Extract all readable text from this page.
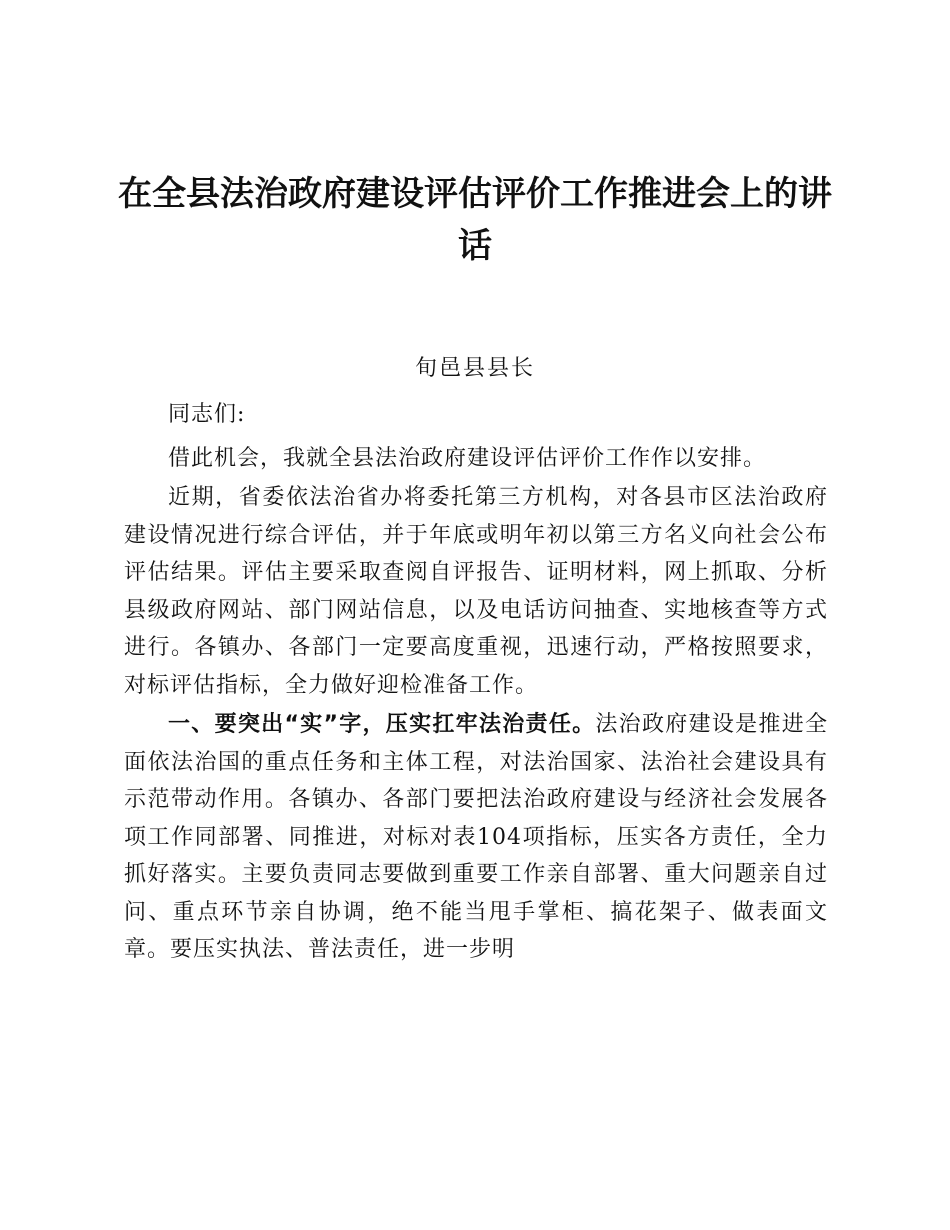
在全县法治政府建设评估评价工作推进会上的讲话
旬邑县县长

同志们:

借此机会，我就全县法治政府建设评估评价工作作以安排。

近期，省委依法治省办将委托第三方机构，对各县市区法治政府建设情况进行综合评估，并于年底或明年初以第三方名义向社会公布评估结果。评估主要采取查阅自评报告、证明材料，网上抓取、分析县级政府网站、部门网站信息，以及电话访问抽查、实地核查等方式进行。各镇办、各部门一定要高度重视，迅速行动，严格按照要求，对标评估指标，全力做好迎检准备工作。

一、要突出“实”字，压实扛牢法治责任。法治政府建设是推进全面依法治国的重点任务和主体工程，对法治国家、法治社会建设具有示范带动作用。各镇办、各部门要把法治政府建设与经济社会发展各项工作同部署、同推进，对标对表104项指标，压实各方责任，全力抓好落实。主要负责同志要做到重要工作亲自部署、重大问题亲自过问、重点环节亲自协调，绝不能当甩手掌柜、搞花架子、做表面文章。要压实执法、普法责任，进一步明
